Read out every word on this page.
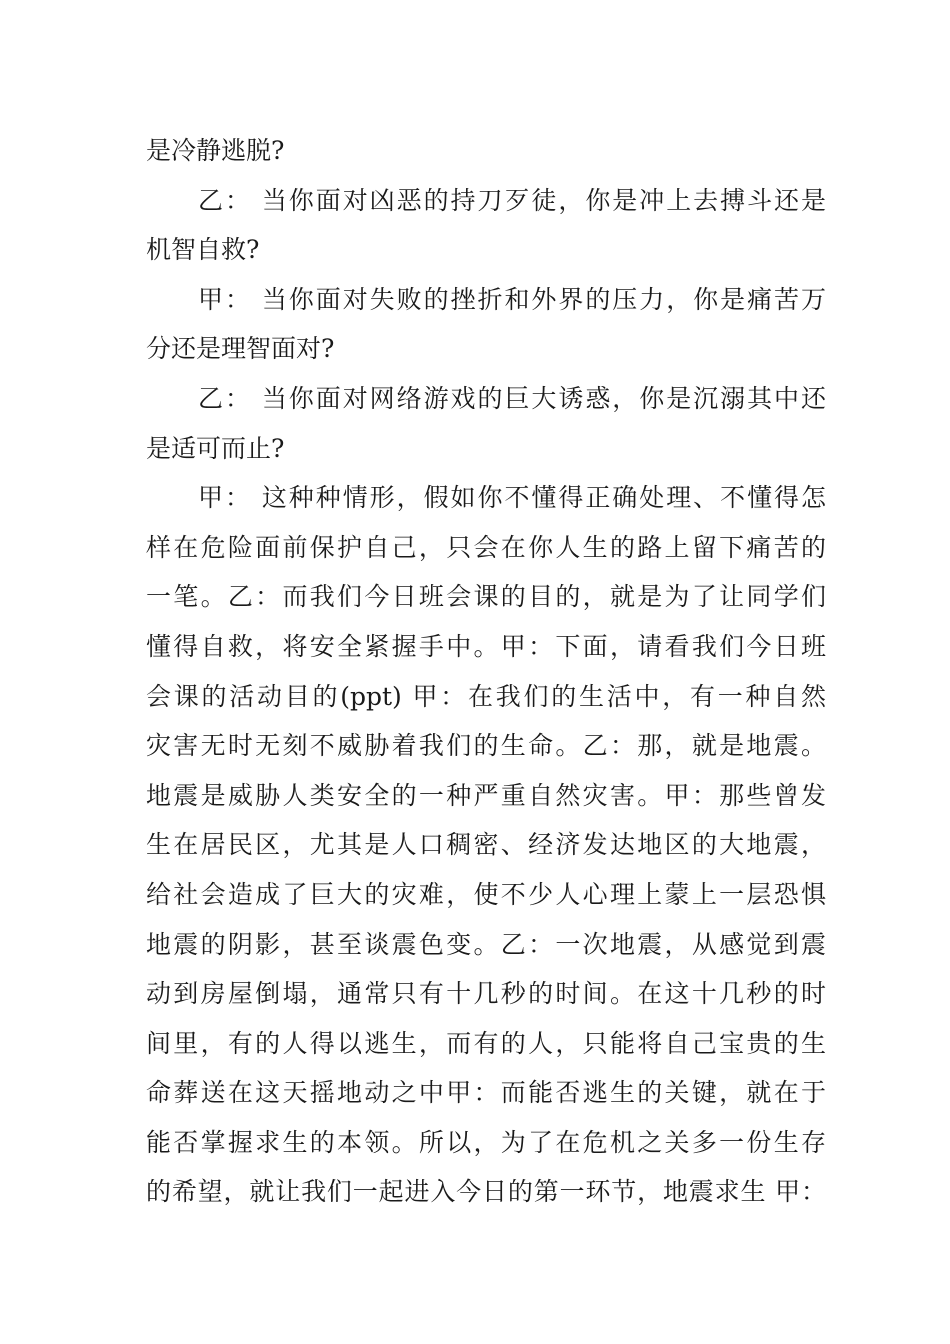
是冷静逃脱?
乙： 当你面对凶恶的持刀歹徒，你是冲上去搏斗还是
机智自救?
甲： 当你面对失败的挫折和外界的压力，你是痛苦万
分还是理智面对?
乙： 当你面对网络游戏的巨大诱惑，你是沉溺其中还
是适可而止?
甲： 这种种情形，假如你不懂得正确处理、不懂得怎
样在危险面前保护自己，只会在你人生的路上留下痛苦的
一笔。乙：而我们今日班会课的目的，就是为了让同学们
懂得自救，将安全紧握手中。甲：下面，请看我们今日班
会课的活动目的(ppt) 甲：在我们的生活中，有一种自然
灾害无时无刻不威胁着我们的生命。乙：那，就是地震。
地震是威胁人类安全的一种严重自然灾害。甲：那些曾发
生在居民区，尤其是人口稠密、经济发达地区的大地震，
给社会造成了巨大的灾难，使不少人心理上蒙上一层恐惧
地震的阴影，甚至谈震色变。乙：一次地震，从感觉到震
动到房屋倒塌，通常只有十几秒的时间。在这十几秒的时
间里，有的人得以逃生，而有的人，只能将自己宝贵的生
命葬送在这天摇地动之中甲：而能否逃生的关键，就在于
能否掌握求生的本领。所以，为了在危机之关多一份生存
的希望，就让我们一起进入今日的第一环节，地震求生 甲：
